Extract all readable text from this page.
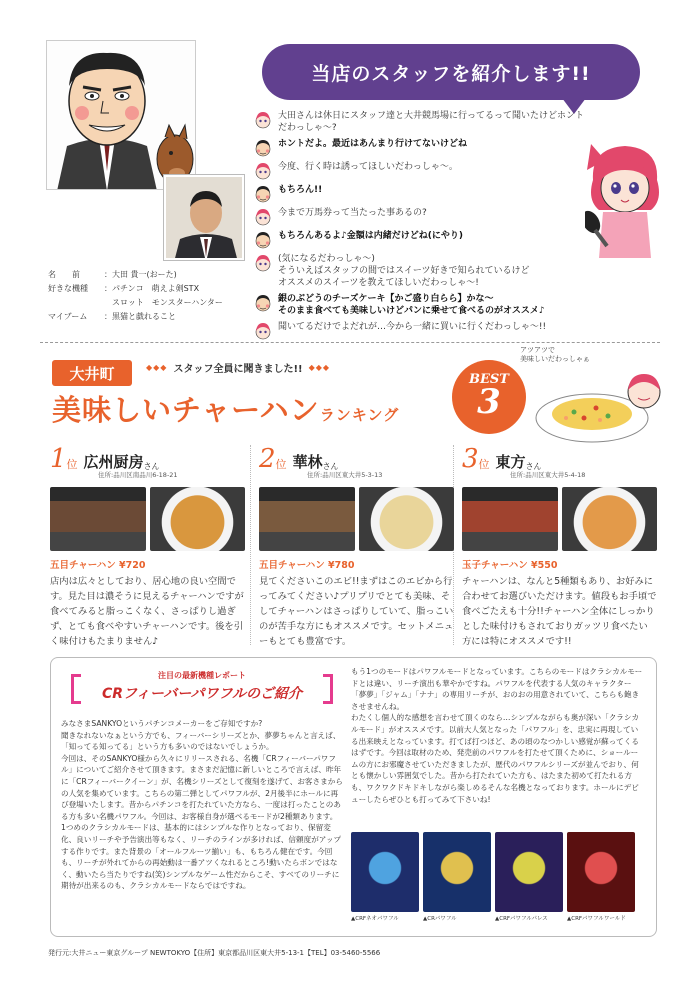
名　　前	：大田 貴一(おーた)
好きな機種	：パチンコ　萌えよ剣STX
　スロット　モンスターハンター
マイブーム	：黒猫と戯れること
当店のスタッフを紹介します!!
大田さんは休日にスタッフ達と大井競馬場に行ってるって聞いたけどホントだわっしゃ～?
ホントだよ。最近はあんまり行けてないけどね
今度、行く時は誘ってほしいだわっしゃ～。
もちろん!!
今まで万馬券って当たった事あるの?
もちろんあるよ♪金額は内緒だけどね(にやり)
(気になるだわっしゃ～)
そういえばスタッフの間ではスイーツ好きで知られているけど
オススメのスイーツを教えてほしいだわっしゃ～!
銀のぶどうのチーズケーキ【かご盛り白らら】かな～
そのまま食べても美味しいけどパンに乗せて食べるのがオススメ♪
聞いてるだけでよだれが…今から一緒に買いに行くだわっしゃ～!!
大井町	◆◆◆ スタッフ全員に聞きました!! ◆◆◆
美味しいチャーハンランキング
BEST
3
アツアツで
美味しいだわっしゃぁ
1 位 広州厨房 さん
住所:品川区南品川6-18-21
五目チャーハン ¥720
店内は広々としており、居心地の良い空間です。見た目は濃そうに見えるチャーハンですが食べてみると脂っこくなく、さっぱりし過ぎず、とても食べやすいチャーハンです。後を引く味付けもたまりません♪
2 位 華林 さん
住所:品川区東大井5-3-13
五目チャーハン ¥780
見てくださいこのエビ!!まずはこのエビから行ってみてください♪プリプリでとても美味、そしてチャーハンはさっぱりしていて、脂っこいのが苦手な方にもオススメです。セットメニューもとても豊富です。
3 位 東方 さん
住所:品川区東大井5-4-18
玉子チャーハン ¥550
チャーハンは、なんと5種類もあり、お好みに合わせてお選びいただけます。値段もお手頃で食べごたえも十分!!チャーハン全体にしっかりとした味付けもされておりガッツリ食べたい方には特にオススメです!!
注目の最新機種レポート
CRフィーバーパワフルのご紹介
みなさまSANKYOというパチンコメーカーをご存知ですか?
聞きなれないなぁという方でも、フィーバーシリーズとか、夢夢ちゃんと言えば、「知ってる知ってる」という方も多いのではないでしょうか。
今回は、そのSANKYO様から久々にリリースされる、名機「CRフィーバーパワフル」についてご紹介させて頂きます。まさまだ記憶に新しいところで言えば、昨年に「CRフィーバークイーン」が、名機シリーズとして復刻を遂げて、お客さまからの人気を集めています。こちらの第二弾としてパワフルが、2月後半にホールに再び登場いたします。昔からパチンコを打たれていた方なら、一度は打ったことのある方も多い名機パワフル。今回は、お客様自身が選べるモードが2種類あります。
1つめのクラシカルモードは、基本的にはシンプルな作りとなっており、保留変化、良いリーチや予告演出等もなく、リーチのラインが多ければ、信頼度がアップする作りです。また背景の「オールフルーツ揃い」も、もちろん健在です。今回も、リーチが外れてからの再始動は一番アツくなれるところ!動いたらボンではなく、動いたら当たりですね(笑)シンプルなゲーム性だからこそ、すべてのリーチに期待が出来るのも、クラシカルモードならではですね。
もう1つのモードはパワフルモードとなっています。こちらのモードはクラシカルモードとは違い、リーチ演出も華やかですね。パワフルを代表する人気のキャラクター「夢夢」「ジャム」「ナナ」の専用リーチが、おのおの用意されていて、こちらも飽きさせませんね。
わたくし個人的な感想を言わせて頂くのなら…シンプルながらも奥が深い「クラシカルモード」がオススメです。以前大人気となった「パワフル」を、忠実に再現している出来映えとなっています。打てば打つほど、あの頃のなつかしい感覚が蘇ってくるはずです。今回は取材のため、発売前のパワフルを打たせて頂くために、ショールームの方にお邪魔させていただきましたが、歴代のパワフルシリーズが並んでおり、何とも懐かしい雰囲気でした。昔から打たれていた方も、はたまた初めて打たれる方も、ワクワクドキドキしながら楽しめるそんな名機となっております。ホールにデビューしたらぜひとも打ってみて下さいね!
▲CRFネオパワフル	▲CRパワフル	▲CRFパワフルパレス	▲CRFパワフルワールド
発行元:大井ニュー東京グループ NEWTOKYO【住所】東京都品川区東大井5-13-1【TEL】03-5460-5566
